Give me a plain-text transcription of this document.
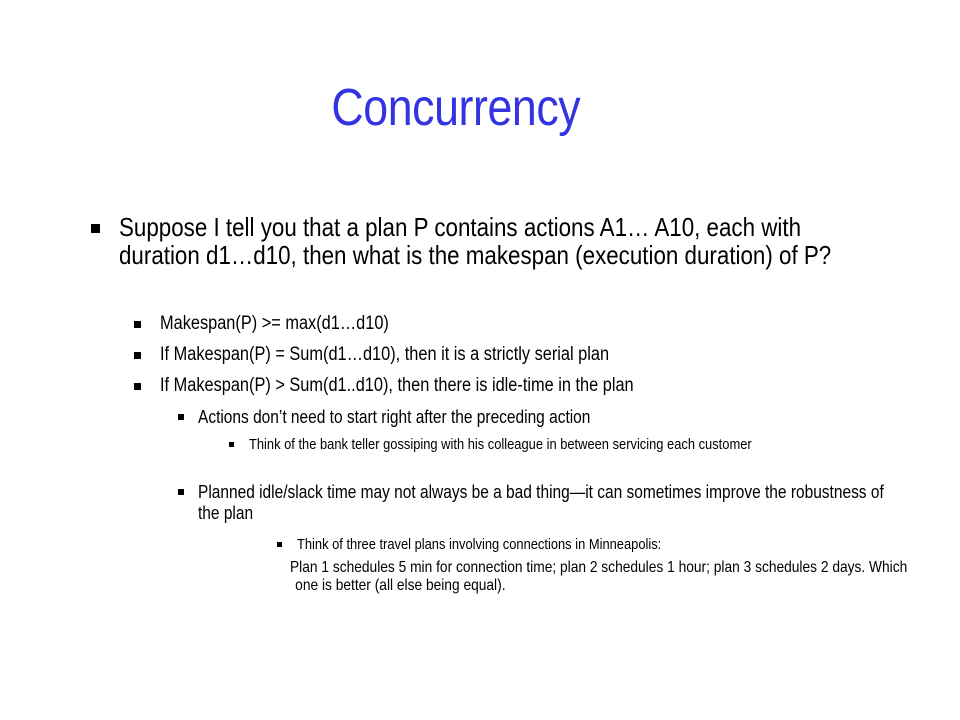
Concurrency
Suppose I tell you that a plan P contains actions A1… A10, each with duration d1…d10, then what is the makespan (execution duration) of P?
Makespan(P) >= max(d1…d10)
If Makespan(P) = Sum(d1…d10), then it is a strictly serial plan
If Makespan(P) > Sum(d1..d10), then there is idle-time in the plan
Actions don’t need to start right after the preceding action
Think of the bank teller gossiping with his colleague in between servicing each customer
Planned idle/slack time may not always be a bad thing—it can sometimes improve the robustness of the plan
Think of three travel plans involving connections in Minneapolis:
Plan 1 schedules 5 min for connection time; plan 2 schedules 1 hour; plan 3 schedules 2 days. Which one is better (all else being equal).
